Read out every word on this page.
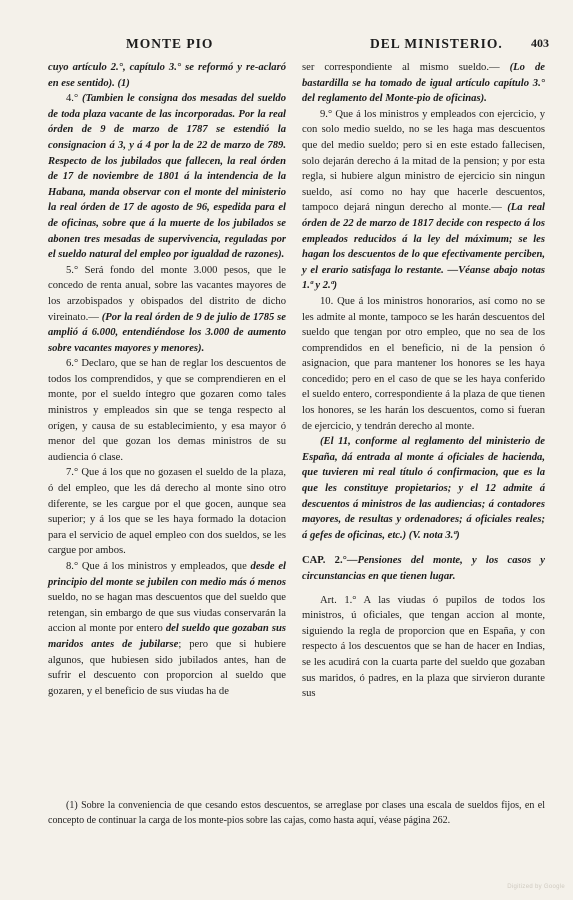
MONTE PIO	DEL MINISTERIO. 403

cuyo artículo 2.°, capítulo 3.° se reformó y re-aclaró en ese sentido). (1)

4.° (Tambien le consigna dos mesadas del sueldo de toda plaza vacante de las incorporadas. Por la real órden de 9 de marzo de 1787 se estendió la consignacion á 3, y á 4 por la de 22 de marzo de 789. Respecto de los jubilados que fallecen, la real órden de 17 de noviembre de 1801 á la intendencia de la Habana, manda observar con el monte del ministerio la real órden de 17 de agosto de 96, espedida para el de oficinas, sobre que á la muerte de los jubilados se abonen tres mesadas de supervivencia, reguladas por el sueldo natural del empleo por igualdad de razones).

5.° Será fondo del monte 3.000 pesos, que le concedo de renta anual, sobre las vacantes mayores de los arzobispados y obispados del distrito de dicho vireinato.— (Por la real órden de 9 de julio de 1785 se amplió á 6.000, entendiéndose los 3.000 de aumento sobre vacantes mayores y menores).

6.° Declaro, que se han de reglar los descuentos de todos los comprendidos, y que se comprendieren en el monte, por el sueldo íntegro que gozaren como tales ministros y empleados sin que se tenga respecto al orígen, y causa de su establecimiento, y esa mayor ó menor del que gozan los demas ministros de su audiencia ó clase.

7.° Que á los que no gozasen el sueldo de la plaza, ó del empleo, que les dá derecho al monte sino otro diferente, se les cargue por el que gocen, aunque sea superior; y á los que se les haya formado la dotacion para el servicio de aquel empleo con dos sueldos, se les cargue por ambos.

8.° Que á los ministros y empleados, que desde el principio del monte se jubilen con medio más ó menos sueldo, no se hagan mas descuentos que del sueldo que retengan, sin embargo de que sus viudas conservarán la accion al monte por entero del sueldo que gozaban sus maridos antes de jubilarse; pero que si hubiere algunos, que hubiesen sido jubilados antes, han de sufrir el descuento con proporcion al sueldo que gozaren, y el beneficio de sus viudas ha de

ser correspondiente al mismo sueldo.— (Lo de bastardilla se ha tomado de igual artículo capítulo 3.° del reglamento del Monte-pio de oficinas).

9.° Que á los ministros y empleados con ejercicio, y con solo medio sueldo, no se les haga mas descuentos que del medio sueldo; pero si en este estado fallecisen, solo dejarán derecho á la mitad de la pension; y por esta regla, si hubiere algun ministro de ejercicio sin ningun sueldo, así como no hay que hacerle descuentos, tampoco dejará ningun derecho al monte.— (La real órden de 22 de marzo de 1817 decide con respecto á los empleados reducidos á la ley del máximum; se les hagan los descuentos de lo que efectivamente perciben, y el erario satisfaga lo restante. —Véanse abajo notas 1.ª y 2.ª)

10. Que á los ministros honorarios, así como no se les admite al monte, tampoco se les harán descuentos del sueldo que tengan por otro empleo, que no sea de los comprendidos en el beneficio, ni de la pension ó asignacion, que para mantener los honores se les haya concedido; pero en el caso de que se les haya conferido el sueldo entero, correspondiente á la plaza de que tienen los honores, se les harán los descuentos, como si fueran de ejercicio, y tendrán derecho al monte.

(El 11, conforme al reglamento del ministerio de España, dá entrada al monte á oficiales de hacienda, que tuvieren mi real título ó confirmacion, que es la que les constituye propietarios; y el 12 admite á descuentos á ministros de las audiencias; á contadores mayores, de resultas y ordenadores; á oficiales reales; á gefes de oficinas, etc.) (V. nota 3.ª)

CAP. 2.°—Pensiones del monte, y los casos y circunstancias en que tienen lugar.

Art. 1.° A las viudas ó pupilos de todos los ministros, ú oficiales, que tengan accion al monte, siguiendo la regla de proporcion que en España, y con respecto á los descuentos que se han de hacer en Indias, se les acudirá con la cuarta parte del sueldo que gozaban sus maridos, ó padres, en la plaza que sirvieron durante sus

(1) Sobre la conveniencia de que cesando estos descuentos, se arreglase por clases una escala de sueldos fijos, en el concepto de continuar la carga de los monte-pios sobre las cajas, como hasta aquí, véase página 262.
Digitized by Google
